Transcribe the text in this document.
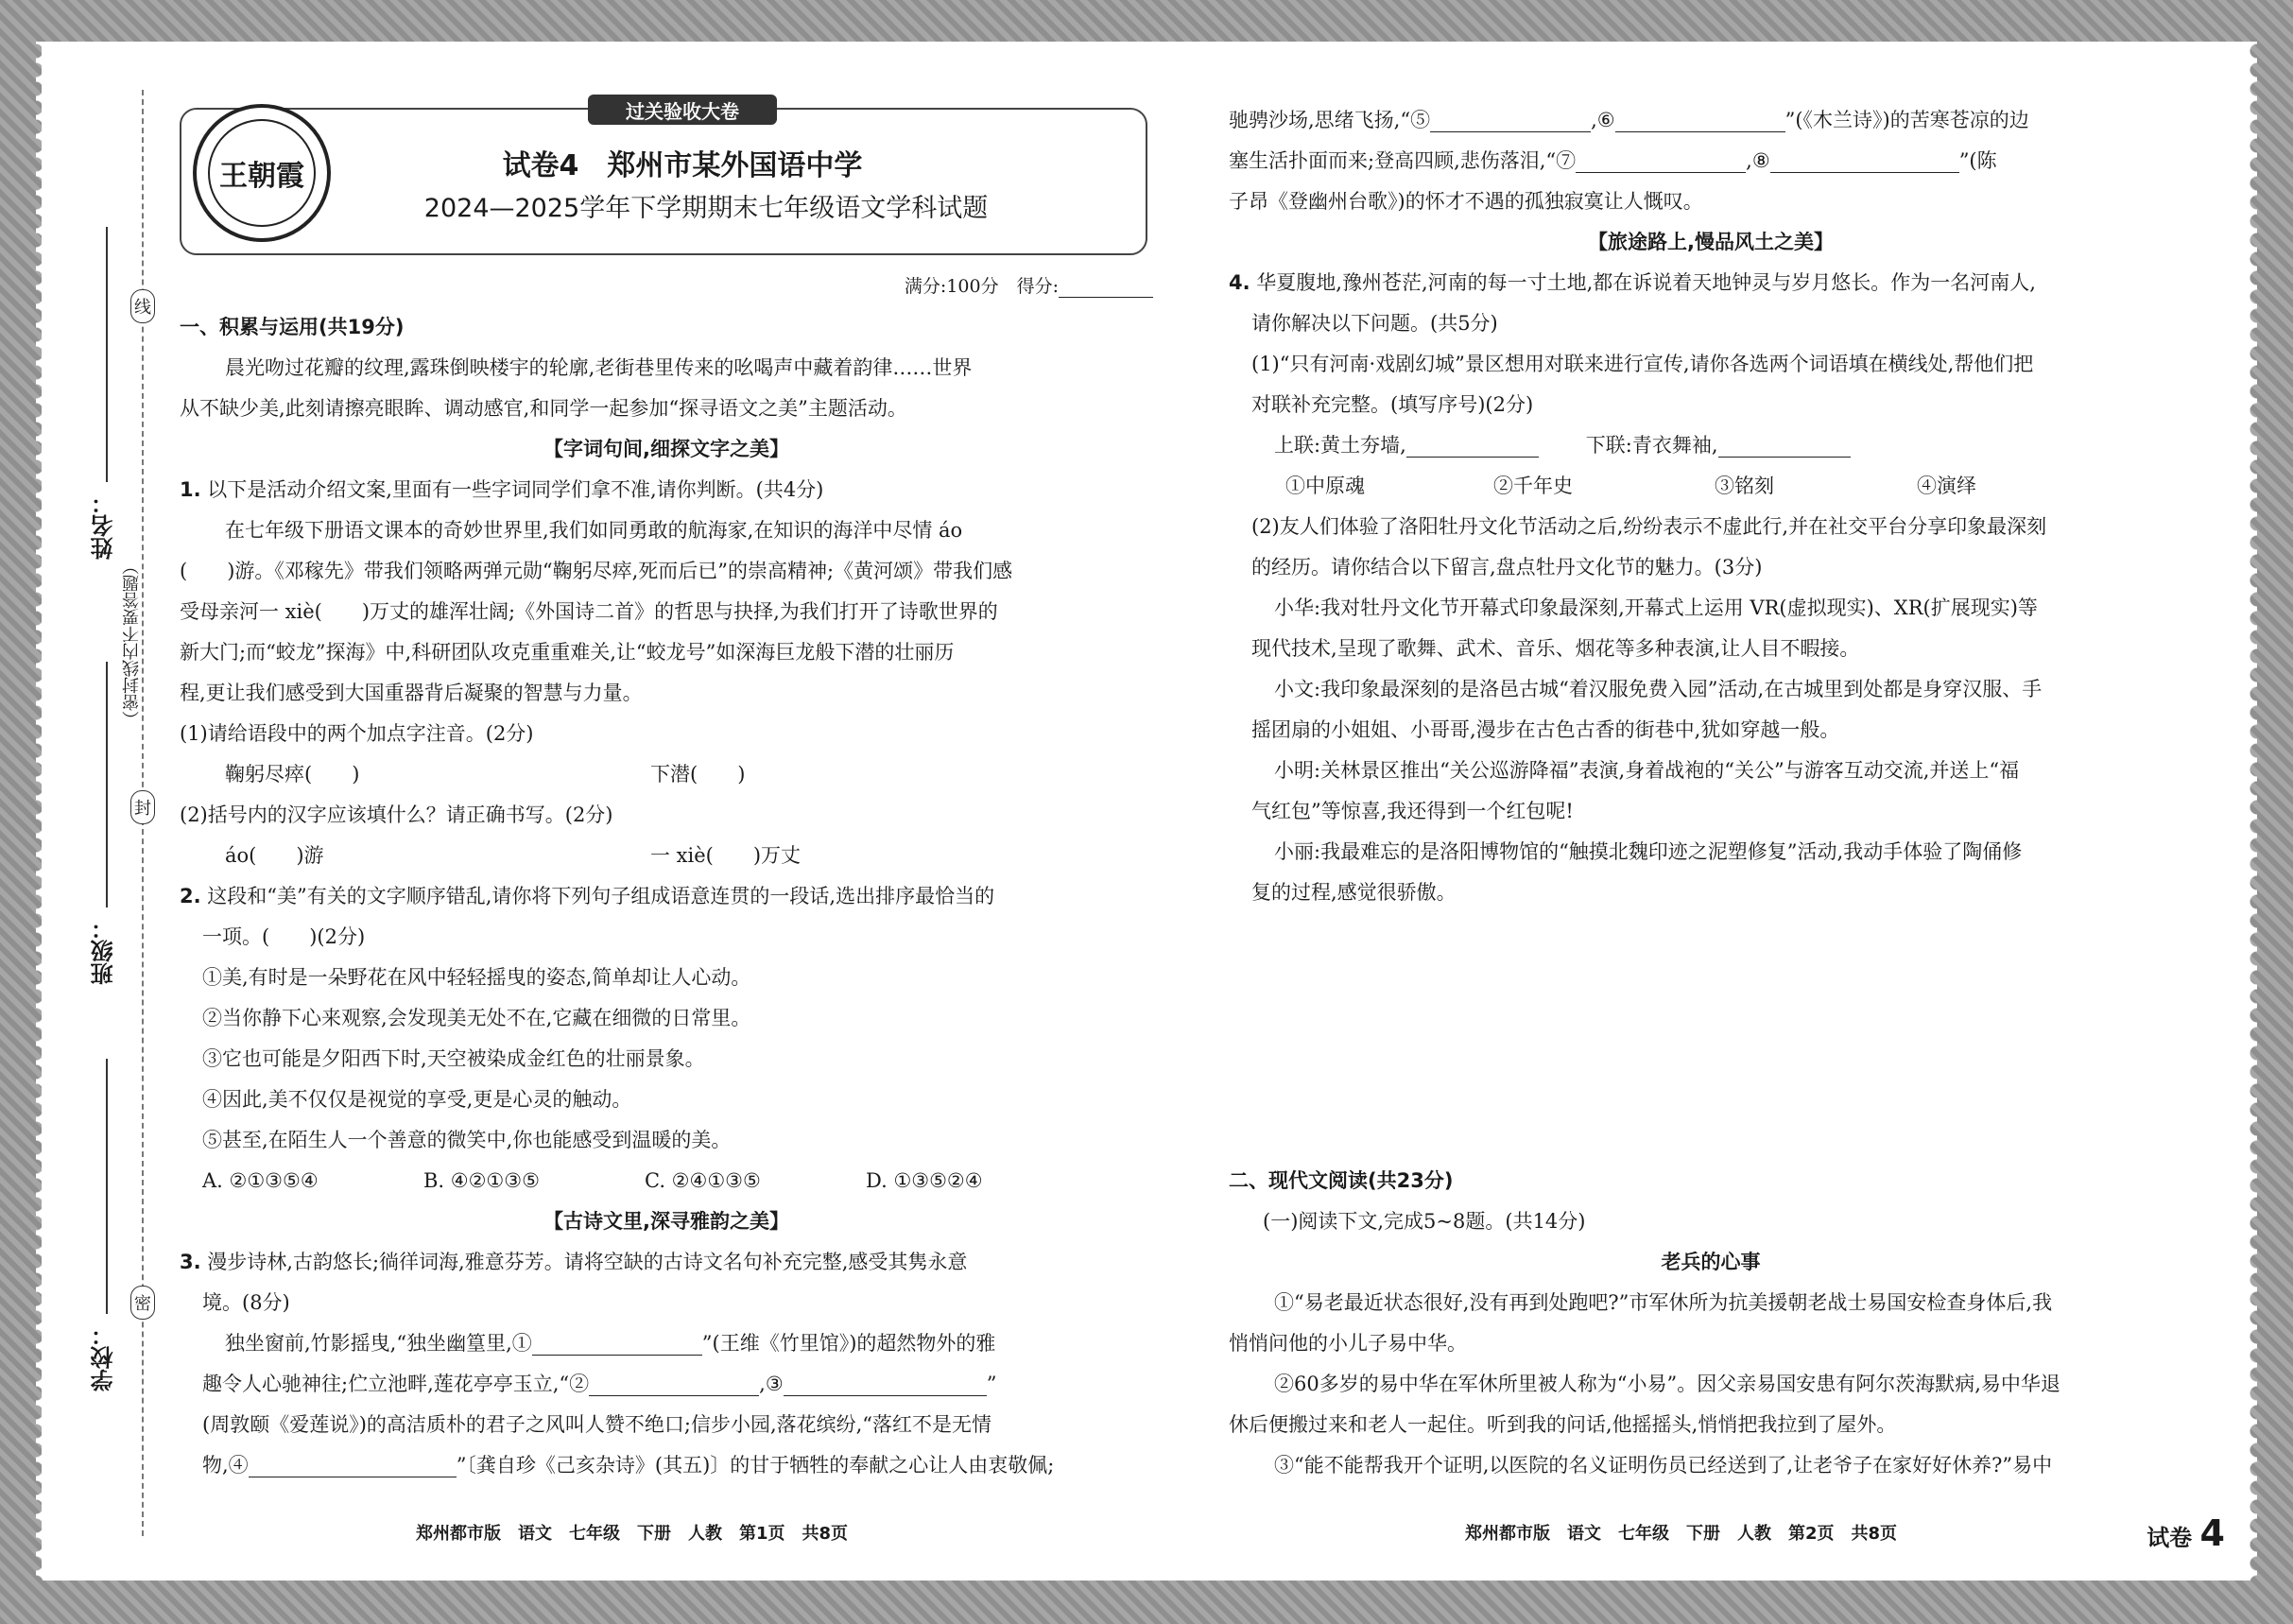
线
封
密
（密封线内不要答题）
姓名：
班级：
学校：
过关验收大卷
王朝霞	试卷4　郑州市某外国语中学
2024—2025学年下学期期末七年级语文学科试题
满分:100分　得分:
一、积累与运用(共19分)
晨光吻过花瓣的纹理,露珠倒映楼宇的轮廓,老街巷里传来的吆喝声中藏着韵律……世界
从不缺少美,此刻请擦亮眼眸、调动感官,和同学一起参加“探寻语文之美”主题活动。
【字词句间,细探文字之美】
1. 以下是活动介绍文案,里面有一些字词同学们拿不准,请你判断。(共4分)
在七年级下册语文课本的奇妙世界里,我们如同勇敢的航海家,在知识的海洋中尽情 áo
(　　)游。《邓稼先》带我们领略两弹元勋“鞠躬尽瘁,死而后已”的崇高精神;《黄河颂》带我们感
受母亲河一 xiè(　　)万丈的雄浑壮阔;《外国诗二首》的哲思与抉择,为我们打开了诗歌世界的
新大门;而“蛟龙”探海》中,科研团队攻克重重难关,让“蛟龙号”如深海巨龙般下潜的壮丽历
程,更让我们感受到大国重器背后凝聚的智慧与力量。
(1)请给语段中的两个加点字注音。(2分)
鞠躬尽瘁(　　)	下潜(　　)
(2)括号内的汉字应该填什么？请正确书写。(2分)
áo(　　)游	一 xiè(　　)万丈
2. 这段和“美”有关的文字顺序错乱,请你将下列句子组成语意连贯的一段话,选出排序最恰当的
一项。(　　)(2分)
①美,有时是一朵野花在风中轻轻摇曳的姿态,简单却让人心动。
②当你静下心来观察,会发现美无处不在,它藏在细微的日常里。
③它也可能是夕阳西下时,天空被染成金红色的壮丽景象。
④因此,美不仅仅是视觉的享受,更是心灵的触动。
⑤甚至,在陌生人一个善意的微笑中,你也能感受到温暖的美。
A. ②①③⑤④	B. ④②①③⑤	C. ②④①③⑤	D. ①③⑤②④
【古诗文里,深寻雅韵之美】
3. 漫步诗林,古韵悠长;徜徉词海,雅意芬芳。请将空缺的古诗文名句补充完整,感受其隽永意
境。(8分)
独坐窗前,竹影摇曳,“独坐幽篁里,①	”(王维《竹里馆》)的超然物外的雅
趣令人心驰神往;伫立池畔,莲花亭亭玉立,“②	,③	”
(周敦颐《爱莲说》)的高洁质朴的君子之风叫人赞不绝口;信步小园,落花缤纷,“落红不是无情
物,④	”〔龚自珍《己亥杂诗》(其五)〕的甘于牺牲的奉献之心让人由衷敬佩;
郑州都市版　语文　七年级　下册　人教　第1页　共8页
驰骋沙场,思绪飞扬,“⑤	,⑥	”(《木兰诗》)的苦寒苍凉的边
塞生活扑面而来;登高四顾,悲伤落泪,“⑦	,⑧	”(陈
子昂《登幽州台歌》)的怀才不遇的孤独寂寞让人慨叹。
【旅途路上,慢品风土之美】
4. 华夏腹地,豫州苍茫,河南的每一寸土地,都在诉说着天地钟灵与岁月悠长。作为一名河南人,
请你解决以下问题。(共5分)
(1)“只有河南·戏剧幻城”景区想用对联来进行宣传,请你各选两个词语填在横线处,帮他们把
对联补充完整。(填写序号)(2分)
上联:黄土夯墙,	下联:青衣舞袖,
①中原魂	②千年史	③铭刻	④演绎
(2)友人们体验了洛阳牡丹文化节活动之后,纷纷表示不虚此行,并在社交平台分享印象最深刻
的经历。请你结合以下留言,盘点牡丹文化节的魅力。(3分)
小华:我对牡丹文化节开幕式印象最深刻,开幕式上运用 VR(虚拟现实)、XR(扩展现实)等
现代技术,呈现了歌舞、武术、音乐、烟花等多种表演,让人目不暇接。
小文:我印象最深刻的是洛邑古城“着汉服免费入园”活动,在古城里到处都是身穿汉服、手
摇团扇的小姐姐、小哥哥,漫步在古色古香的街巷中,犹如穿越一般。
小明:关林景区推出“关公巡游降福”表演,身着战袍的“关公”与游客互动交流,并送上“福
气红包”等惊喜,我还得到一个红包呢!
小丽:我最难忘的是洛阳博物馆的“触摸北魏印迹之泥塑修复”活动,我动手体验了陶俑修
复的过程,感觉很骄傲。
二、现代文阅读(共23分)
(一)阅读下文,完成5~8题。(共14分)
老兵的心事
①“易老最近状态很好,没有再到处跑吧?”市军休所为抗美援朝老战士易国安检查身体后,我
悄悄问他的小儿子易中华。
②60多岁的易中华在军休所里被人称为“小易”。因父亲易国安患有阿尔茨海默病,易中华退
休后便搬过来和老人一起住。听到我的问话,他摇摇头,悄悄把我拉到了屋外。
③“能不能帮我开个证明,以医院的名义证明伤员已经送到了,让老爷子在家好好休养?”易中
郑州都市版　语文　七年级　下册　人教　第2页　共8页	试卷 4
